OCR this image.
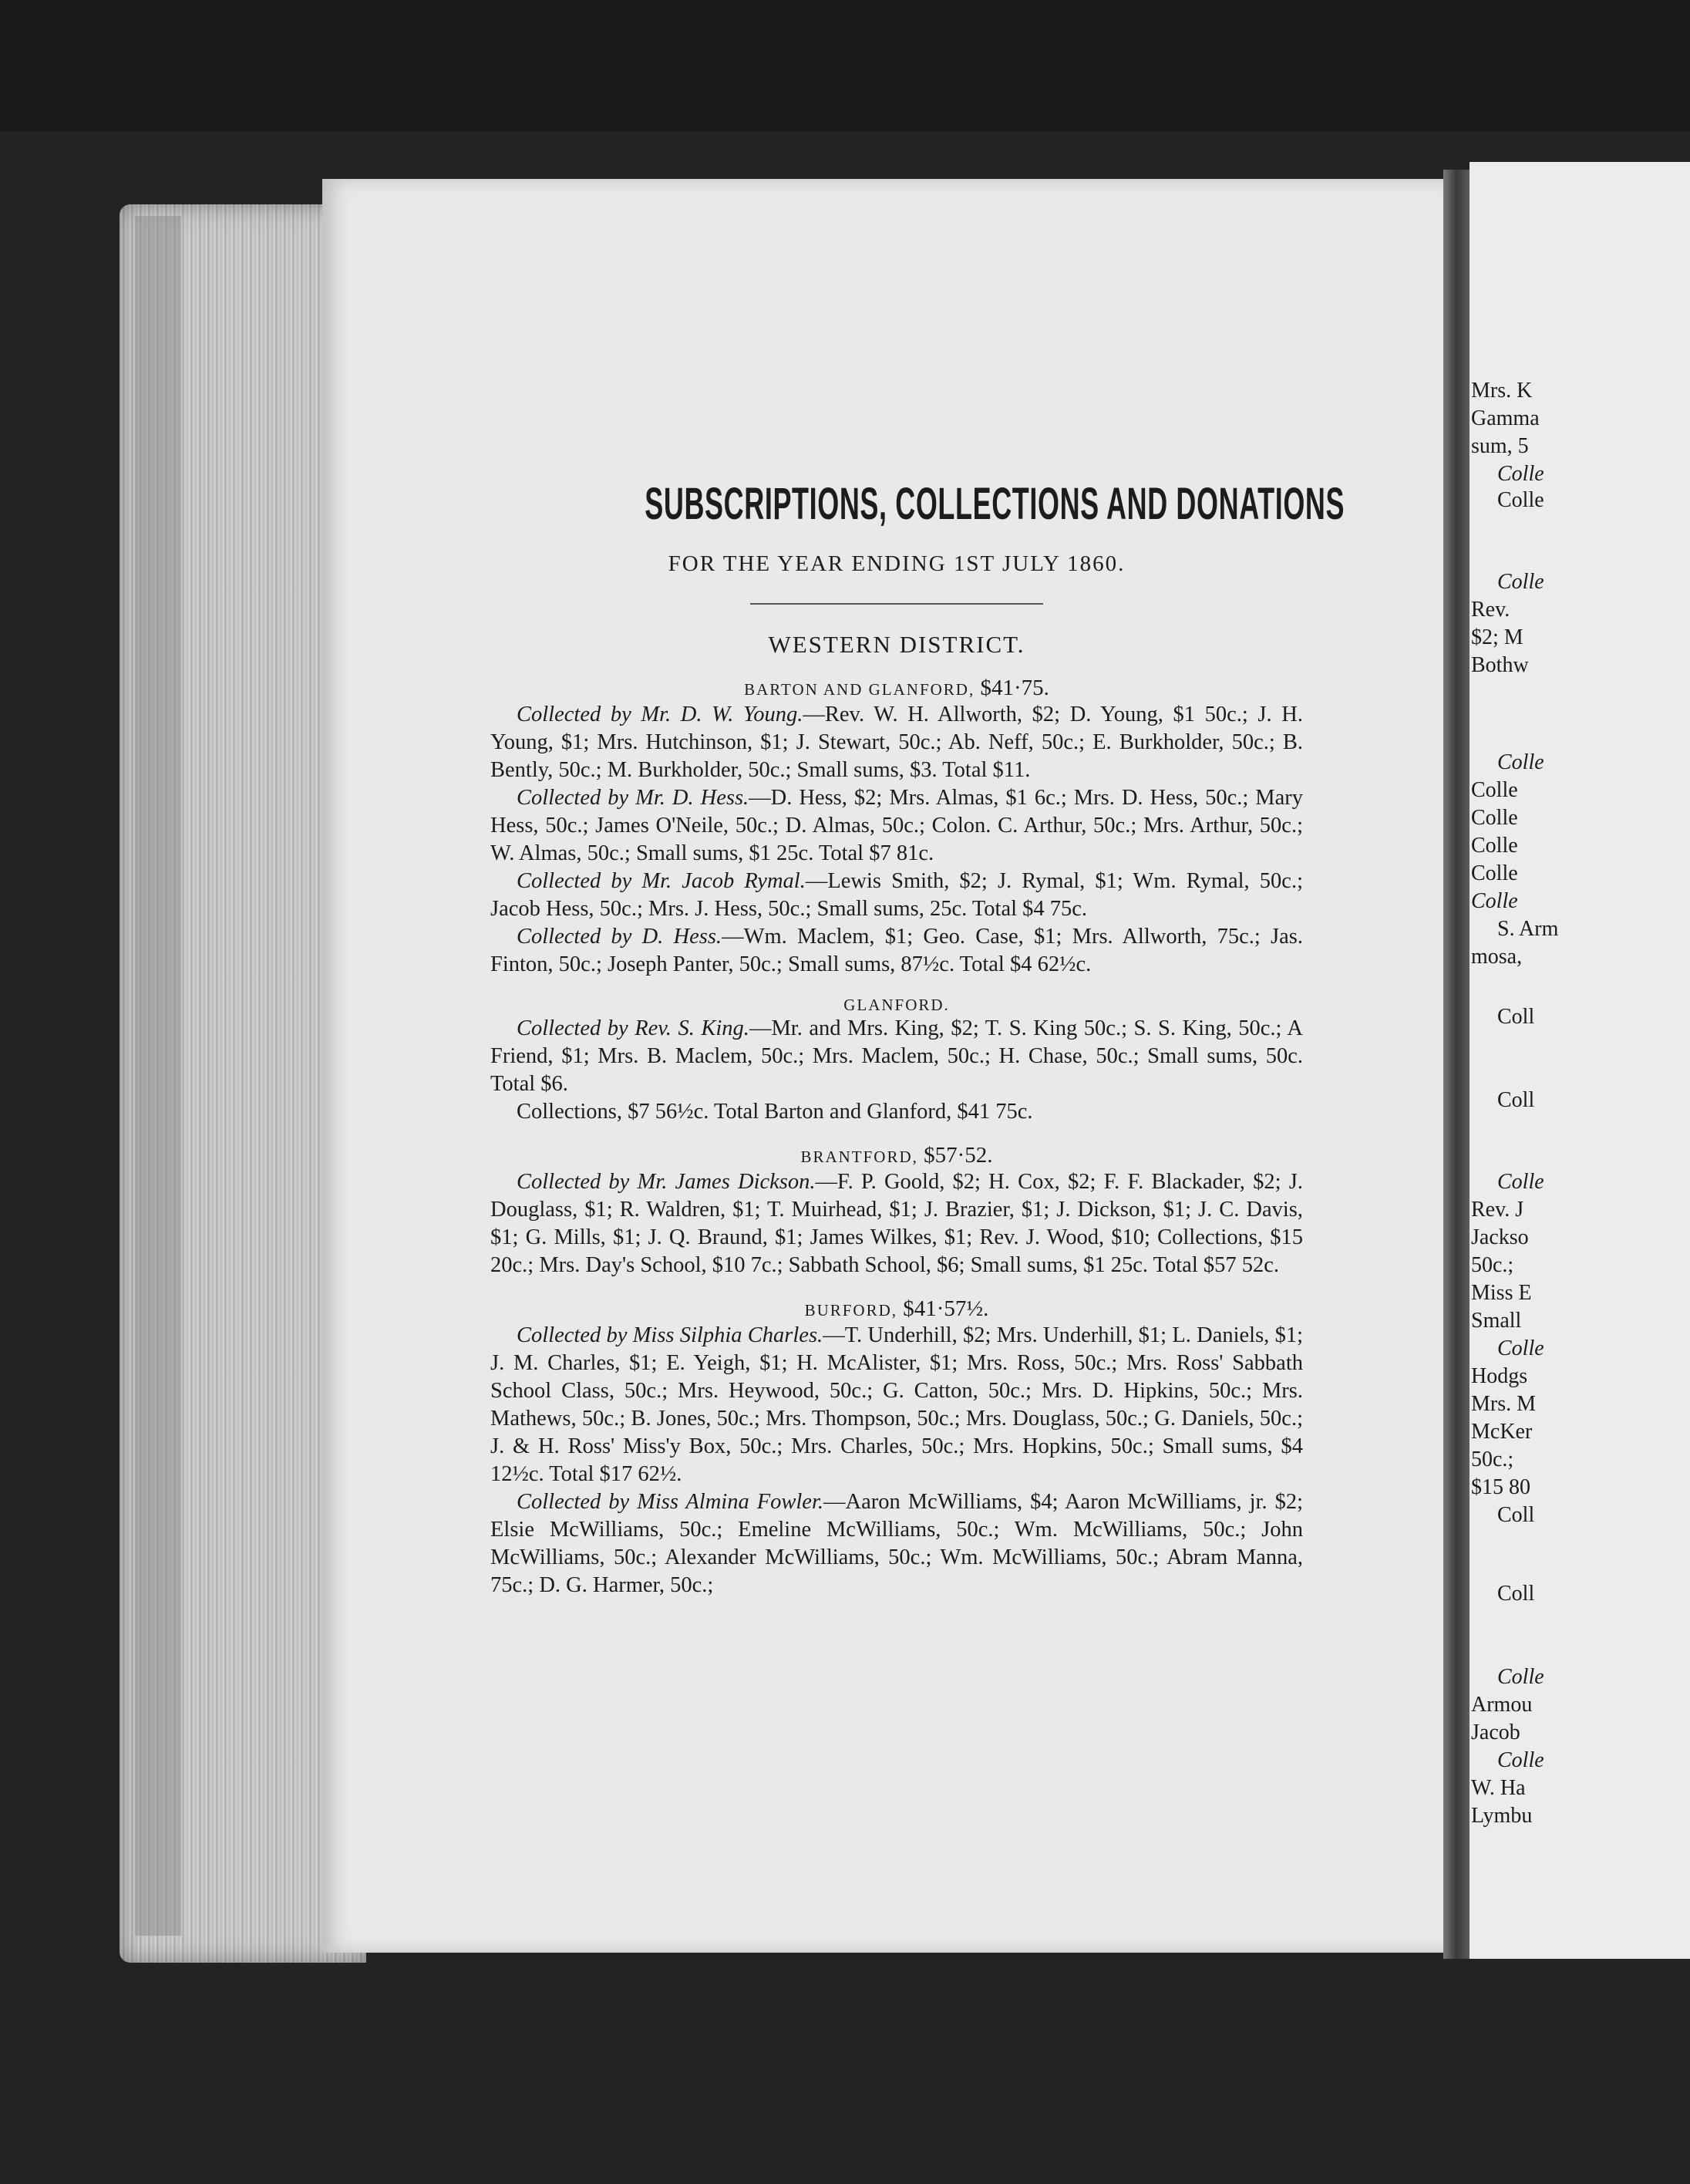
SUBSCRIPTIONS, COLLECTIONS AND DONATIONS
FOR THE YEAR ENDING 1ST JULY 1860.
WESTERN DISTRICT.
BARTON AND GLANFORD, $41·75.

Collected by Mr. D. W. Young.—Rev. W. H. Allworth, $2; D. Young, $1 50c.; J. H. Young, $1; Mrs. Hutchinson, $1; J. Stewart, 50c.; Ab. Neff, 50c.; E. Burkholder, 50c.; B. Bently, 50c.; M. Burkholder, 50c.; Small sums, $3. Total $11.

Collected by Mr. D. Hess.—D. Hess, $2; Mrs. Almas, $1 6c.; Mrs. D. Hess, 50c.; Mary Hess, 50c.; James O'Neile, 50c.; D. Almas, 50c.; Colon. C. Arthur, 50c.; Mrs. Arthur, 50c.; W. Almas, 50c.; Small sums, $1 25c. Total $7 81c.

Collected by Mr. Jacob Rymal.—Lewis Smith, $2; J. Rymal, $1; Wm. Rymal, 50c.; Jacob Hess, 50c.; Mrs. J. Hess, 50c.; Small sums, 25c. Total $4 75c.

Collected by D. Hess.—Wm. Maclem, $1; Geo. Case, $1; Mrs. Allworth, 75c.; Jas. Finton, 50c.; Joseph Panter, 50c.; Small sums, 87½c. Total $4 62½c.

GLANFORD.

Collected by Rev. S. King.—Mr. and Mrs. King, $2; T. S. King 50c.; S. S. King, 50c.; A Friend, $1; Mrs. B. Maclem, 50c.; Mrs. Maclem, 50c.; H. Chase, 50c.; Small sums, 50c. Total $6.

Collections, $7 56½c. Total Barton and Glanford, $41 75c.

BRANTFORD, $57·52.

Collected by Mr. James Dickson.—F. P. Goold, $2; H. Cox, $2; F. F. Blackader, $2; J. Douglass, $1; R. Waldren, $1; T. Muirhead, $1; J. Brazier, $1; J. Dickson, $1; J. C. Davis, $1; G. Mills, $1; J. Q. Braund, $1; James Wilkes, $1; Rev. J. Wood, $10; Collections, $15 20c.; Mrs. Day's School, $10 7c.; Sabbath School, $6; Small sums, $1 25c. Total $57 52c.

BURFORD, $41·57½.

Collected by Miss Silphia Charles.—T. Underhill, $2; Mrs. Underhill, $1; L. Daniels, $1; J. M. Charles, $1; E. Yeigh, $1; H. McAlister, $1; Mrs. Ross, 50c.; Mrs. Ross' Sabbath School Class, 50c.; Mrs. Heywood, 50c.; G. Catton, 50c.; Mrs. D. Hipkins, 50c.; Mrs. Mathews, 50c.; B. Jones, 50c.; Mrs. Thompson, 50c.; Mrs. Douglass, 50c.; G. Daniels, 50c.; J. & H. Ross' Miss'y Box, 50c.; Mrs. Charles, 50c.; Mrs. Hopkins, 50c.; Small sums, $4 12½c. Total $17 62½.

Collected by Miss Almina Fowler.—Aaron McWilliams, $4; Aaron McWilliams, jr. $2; Elsie McWilliams, 50c.; Emeline McWilliams, 50c.; Wm. McWilliams, 50c.; John McWilliams, 50c.; Alexander McWilliams, 50c.; Wm. McWilliams, 50c.; Abram Manna, 75c.; D. G. Harmer, 50c.;

Mrs. K
Gamma
sum, 5
Colle
Colle
Colle
Rev.
$2; M
Bothw
Colle
Colle
Colle
Colle
Colle
Colle
S. Arm
mosa,
Coll
Coll
Colle
Rev. J
Jackso
50c.;
Miss E
Small
Colle
Hodgs
Mrs. M
McKer
50c.;
$15 80
Coll
Coll
Colle
Armou
Jacob
Colle
W. Ha
Lymbu
